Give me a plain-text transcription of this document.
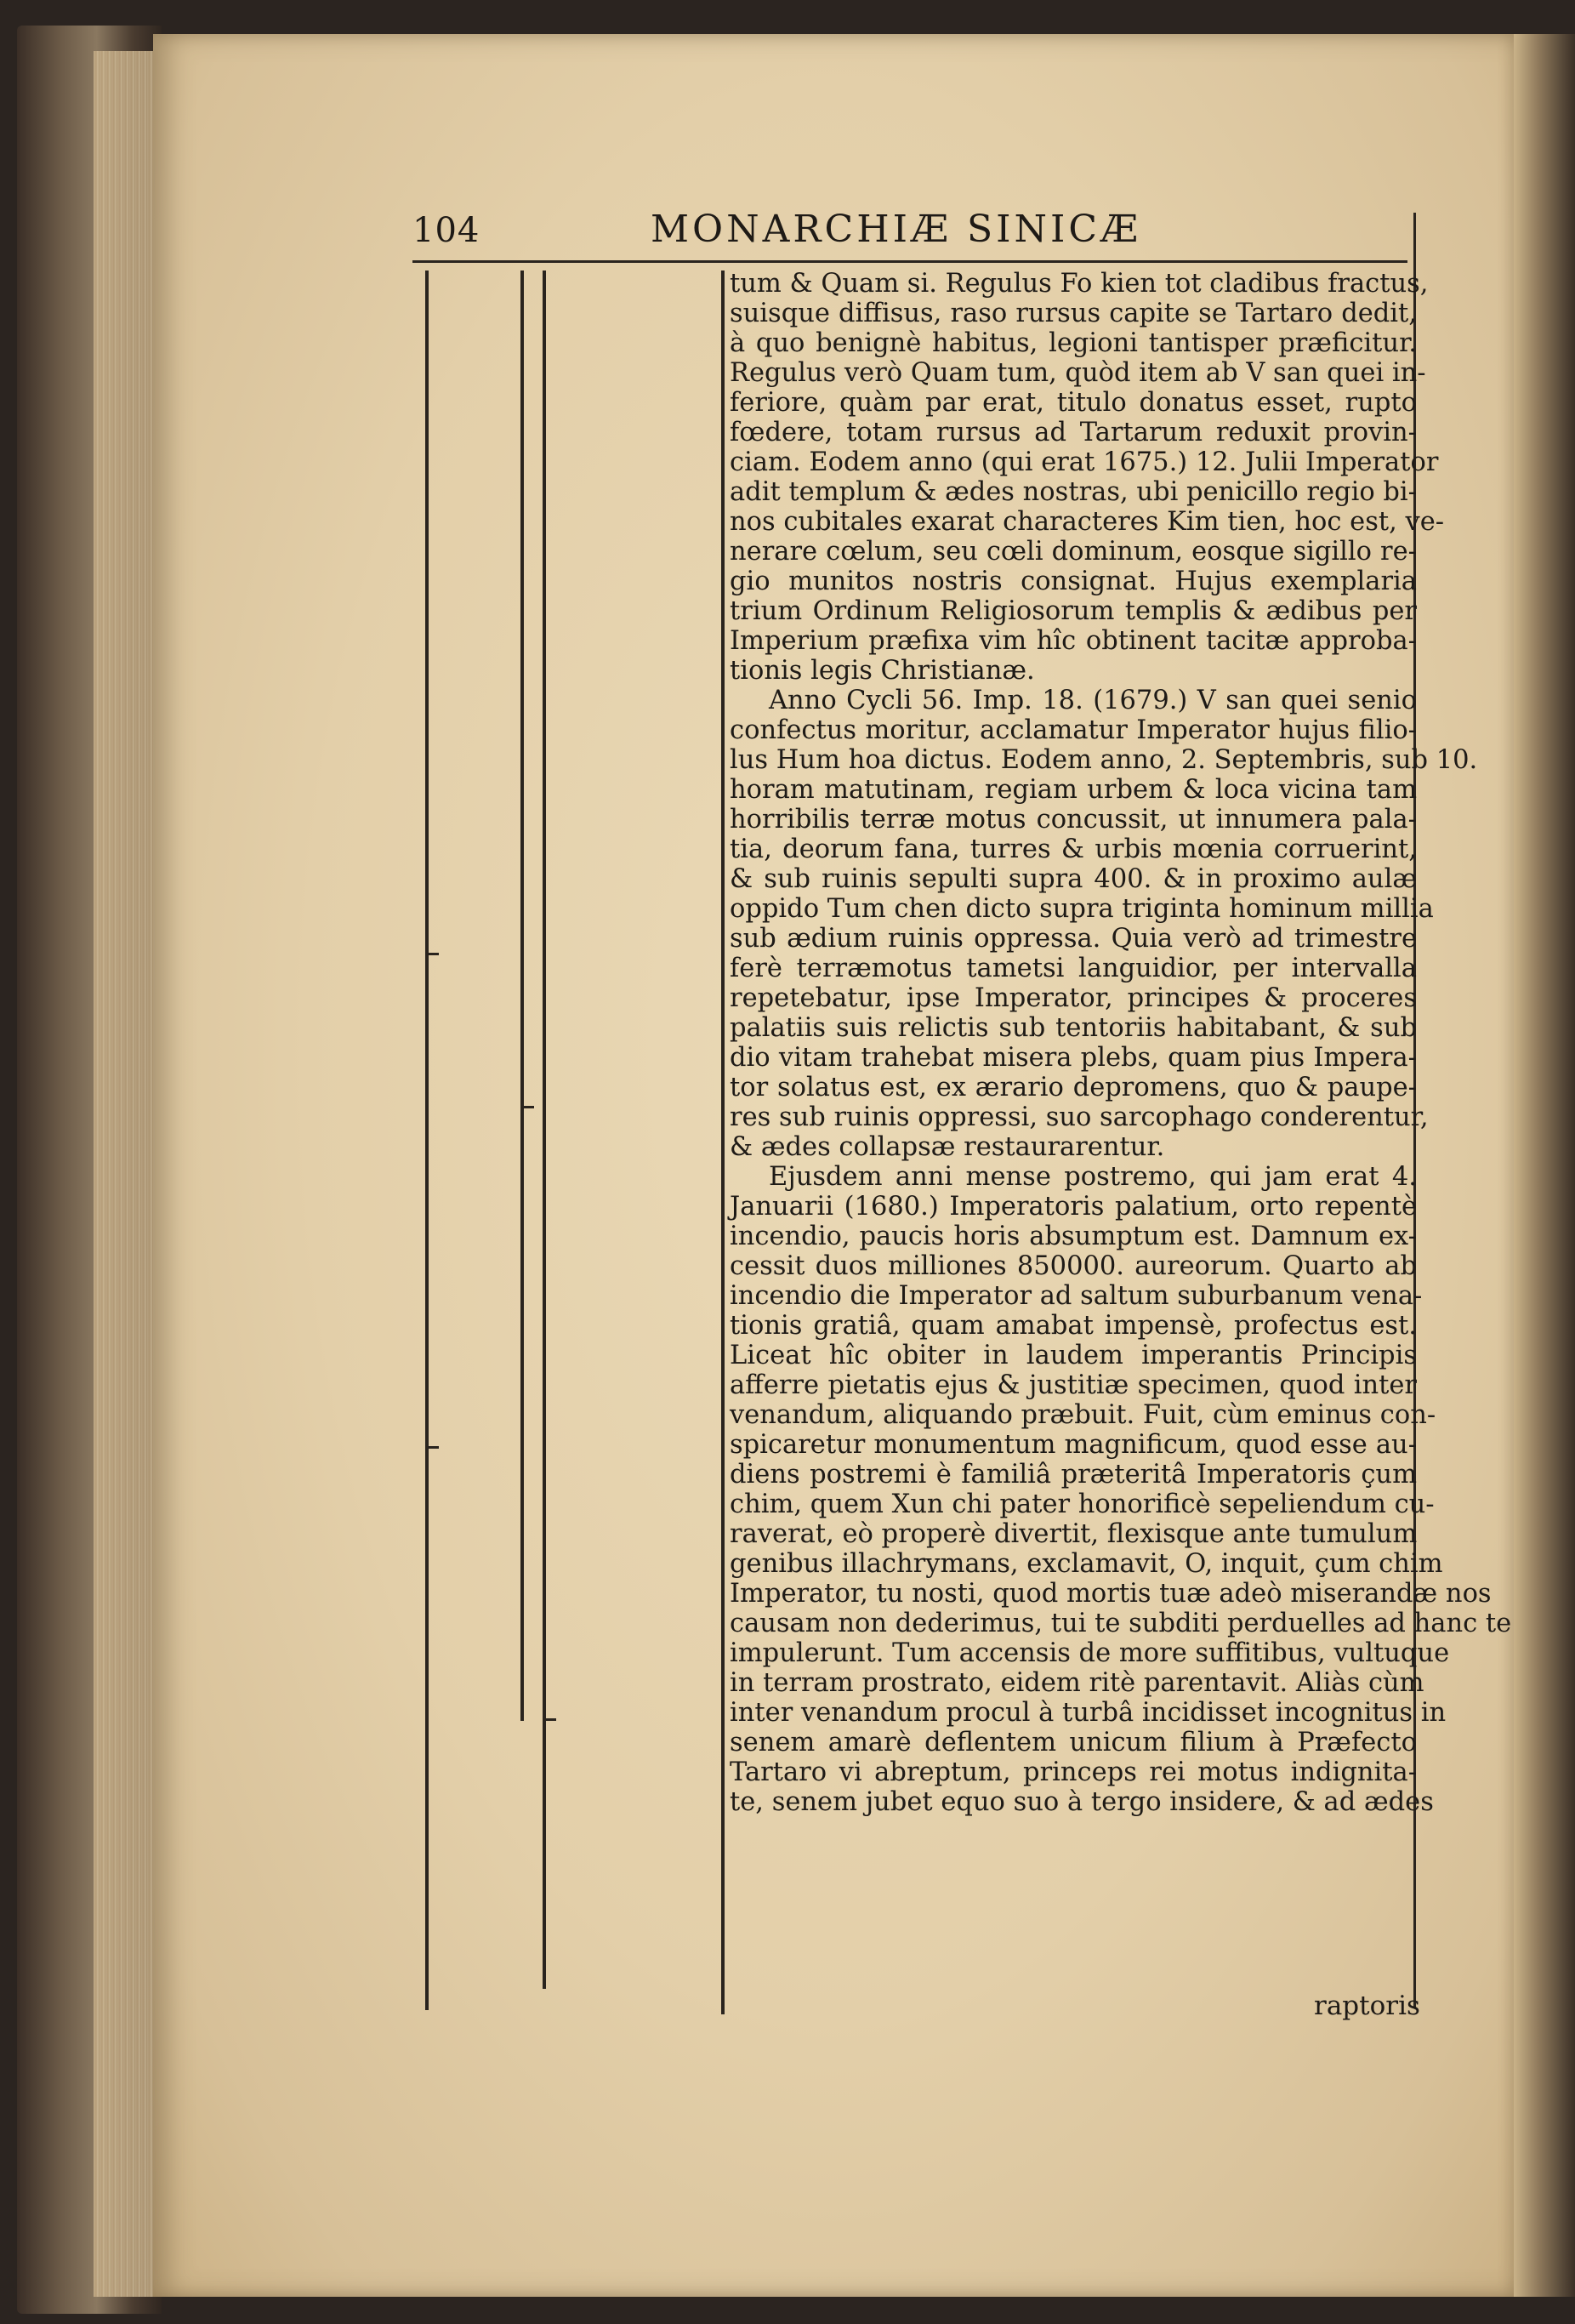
104	MONARCHIÆ SINICÆ
tum & Quam si. Regulus Fo kien tot cladibus fractus,
suisque diffisus, raso rursus capite se Tartaro dedit,
à quo benignè habitus, legioni tantisper præficitur.
Regulus verò Quam tum, quòd item ab V san quei in-
feriore, quàm par erat, titulo donatus esset, rupto
fœdere, totam rursus ad Tartarum reduxit provin-
ciam. Eodem anno (qui erat 1675.) 12. Julii Imperator
adit templum & ædes nostras, ubi penicillo regio bi-
nos cubitales exarat characteres Kim tien, hoc est, ve-
nerare cœlum, seu cœli dominum, eosque sigillo re-
gio munitos nostris consignat. Hujus exemplaria
trium Ordinum Religiosorum templis & ædibus per
Imperium præfixa vim hîc obtinent tacitæ approba-
tionis legis Christianæ.
Anno Cycli 56. Imp. 18. (1679.) V san quei senio
confectus moritur, acclamatur Imperator hujus filio-
lus Hum hoa dictus. Eodem anno, 2. Septembris, sub 10.
horam matutinam, regiam urbem & loca vicina tam
horribilis terræ motus concussit, ut innumera pala-
tia, deorum fana, turres & urbis mœnia corruerint,
& sub ruinis sepulti supra 400. & in proximo aulæ
oppido Tum chen dicto supra triginta hominum millia
sub ædium ruinis oppressa. Quia verò ad trimestre
ferè terræmotus tametsi languidior, per intervalla
repetebatur, ipse Imperator, principes & proceres
palatiis suis relictis sub tentoriis habitabant, & sub
dio vitam trahebat misera plebs, quam pius Impera-
tor solatus est, ex ærario depromens, quo & paupe-
res sub ruinis oppressi, suo sarcophago conderentur,
& ædes collapsæ restaurarentur.
Ejusdem anni mense postremo, qui jam erat 4.
Januarii (1680.) Imperatoris palatium, orto repentè
incendio, paucis horis absumptum est. Damnum ex-
cessit duos milliones 850000. aureorum. Quarto ab
incendio die Imperator ad saltum suburbanum vena-
tionis gratiâ, quam amabat impensè, profectus est.
Liceat hîc obiter in laudem imperantis Principis
afferre pietatis ejus & justitiæ specimen, quod inter
venandum, aliquando præbuit. Fuit, cùm eminus con-
spicaretur monumentum magnificum, quod esse au-
diens postremi è familiâ præteritâ Imperatoris çum
chim, quem Xun chi pater honorificè sepeliendum cu-
raverat, eò properè divertit, flexisque ante tumulum
genibus illachrymans, exclamavit, O, inquit, çum chim
Imperator, tu nosti, quod mortis tuæ adeò miserandæ nos
causam non dederimus, tui te subditi perduelles ad hanc te
impulerunt. Tum accensis de more suffitibus, vultuque
in terram prostrato, eidem ritè parentavit. Aliàs cùm
inter venandum procul à turbâ incidisset incognitus in
senem amarè deflentem unicum filium à Præfecto
Tartaro vi abreptum, princeps rei motus indignita-
te, senem jubet equo suo à tergo insidere, & ad ædes
raptoris
